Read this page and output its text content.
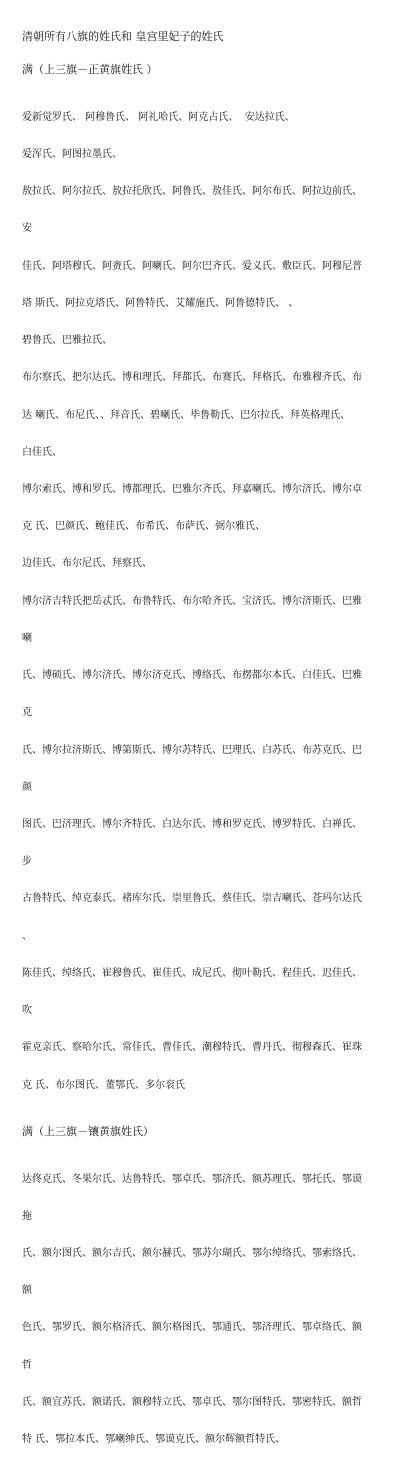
清朝所有八旗的姓氏和 皇宫里妃子的姓氏
满（上三旗－正黄旗姓氏 ）

爱新觉罗氏、 阿穆鲁氏、 阿礼哈氏、阿克占氏、  安达拉氏、

爱浑氏、阿图拉墨氏、

敖拉氏、阿尔拉氏、敖拉托欣氏、阿鲁氏、敖佳氏、阿尔布氏、阿拉边前氏、

安

佳氏、阿塔穆氏、阿赉氏、阿喇氏、阿尔巴齐氏、爱义氏、敷臣氏、阿穆尼普

塔 斯氏、阿拉克塔氏、阿鲁特氏、艾耀施氏、阿鲁德特氏、 、

碧鲁氏、巴雅拉氏、

布尔察氏、把尔达氏、博和理氏、拜都氏、布赛氏、拜格氏、布雅穆齐氏、布

达 喇氏、布尼氏、、拜音氏、碧喇氏、毕鲁勒氏、巴尔拉氏、拜英格理氏、

白佳氏、

博尔索氏、博和罗氏、博都理氏、巴雅尔齐氏、拜嘉喇氏、博尔济氏、博尔卓

克 氏、巴颜氏、鲍佳氏、布希氏、布萨氏、弼尔雅氏、

边佳氏、布尔尼氏、拜察氏、

博尔济吉特氏把岳忒氏、布鲁特氏、布尔哈齐氏、宝济氏、博尔济斯氏、巴雅

喇

氏、博硕氏、博尔济氏、博尔济克氏、博络氏、布楞都尔本氏、白佳氏、巴雅

克

氏、博尔拉济斯氏、博第斯氏、博尔苏特氏、巴理氏、白苏氏、布苏克氏、巴

颜

图氏、巴济理氏、博尔齐特氏、白达尔氏、博和罗克氏、博罗特氏、白禅氏、

步

古鲁特氏、绰克泰氏、褚库尔氏、崇里鲁氏、蔡佳氏、崇吉喇氏、苍玛尔达氏

、

陈佳氏、绰络氏、崔穆鲁氏、崔佳氏、成尼氏、彻叶勒氏、程佳氏、迟佳氏、

吹

霍克亲氏、察哈尔氏、常佳氏、曹佳氏、潮穆特氏、曹丹氏、彻穆森氏、崔珠

克 氏、布尔图氏、董鄂氏、多尔衮氏

满（上三旗－镶黄旗姓氏）

达佟克氏、冬果尔氏、达鲁特氏、鄂卓氏、鄂济氏、额苏理氏、鄂托氏、鄂谟

拖

氏、额尔图氏、额尔吉氏、额尔赫氏、鄂苏尔瑚氏、鄂尔绰络氏、鄂索络氏、

额

色氏、鄂罗氏、额尔格济氏、额尔格图氏、鄂通氏、鄂济理氏、鄂卓络氏、额

哲

氏、额宜苏氏、额诺氏、额穆特立氏、鄂卓氏、鄂尔图特氏、鄂密特氏、额哲

特 氏、鄂拉本氏、鄂喇绅氏、鄂谟克氏、额尔辉额哲特氏、
